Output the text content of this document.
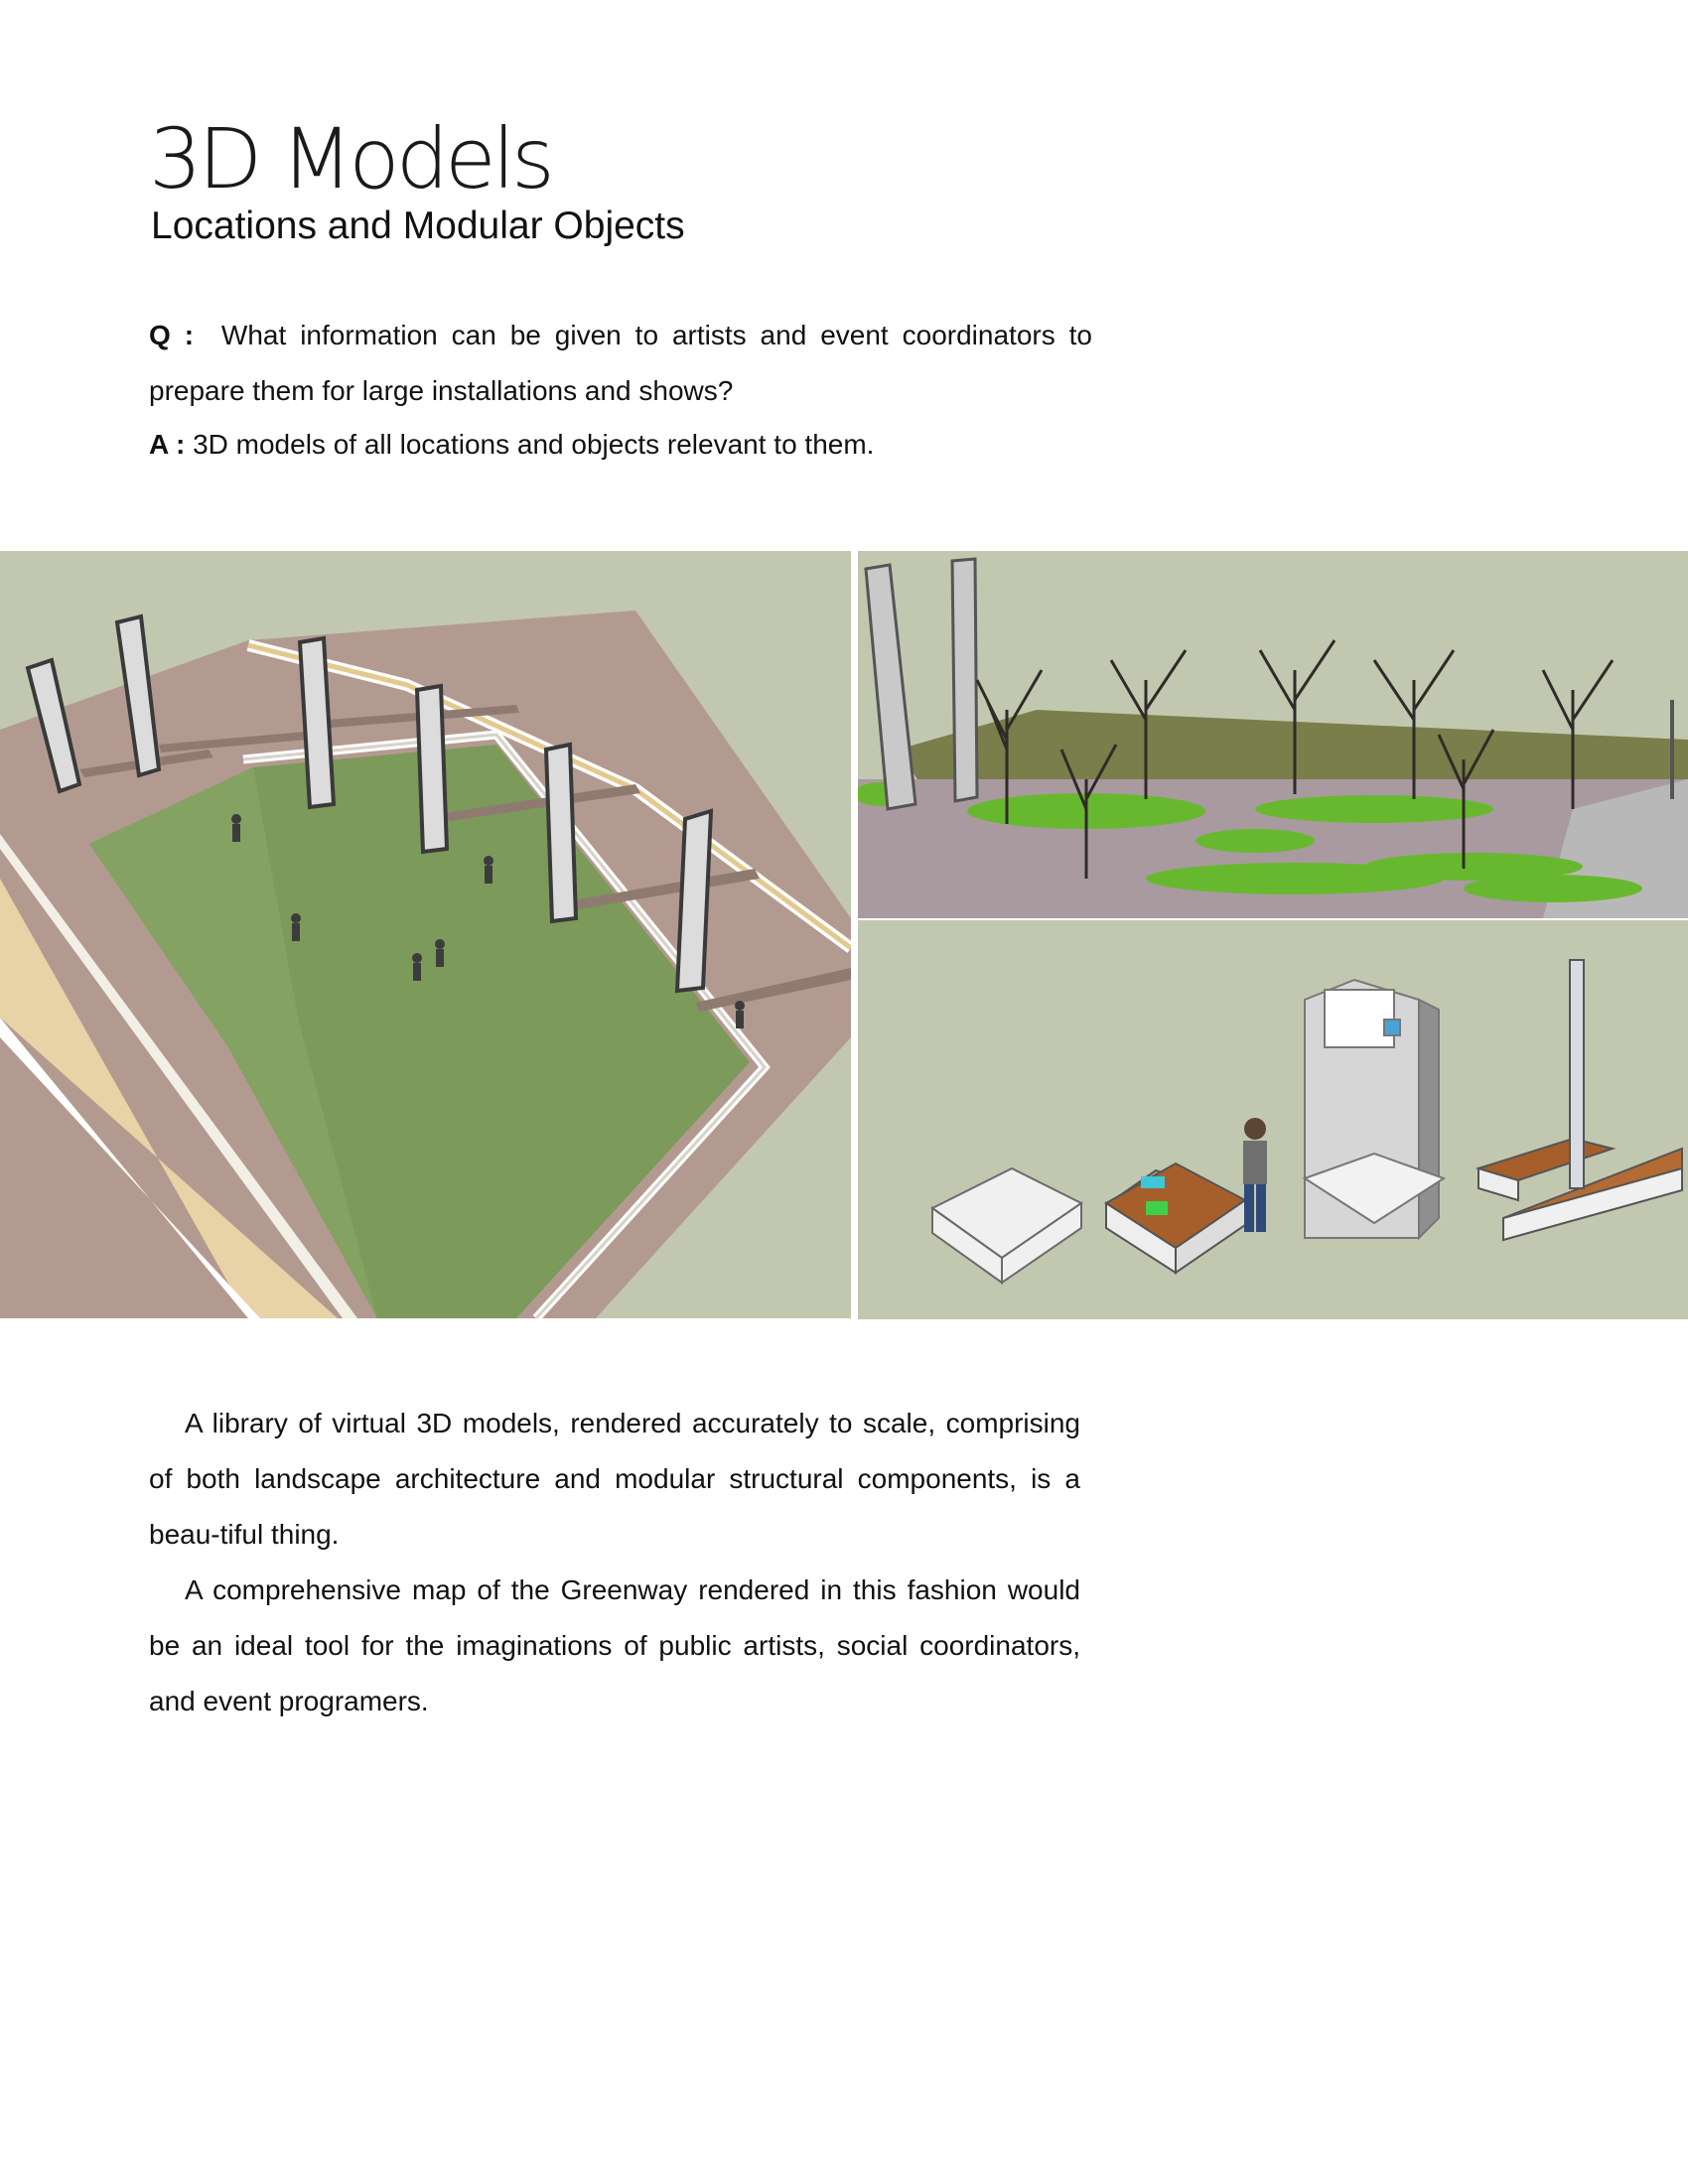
3D Models
Locations and Modular Objects

Q : What information can be given to artists and event coordinators to prepare them for large installations and shows?

A : 3D models of all locations and objects relevant to them.

A library of virtual 3D models, rendered accurately to scale, comprising of both landscape architecture and modular structural components, is a beau-tiful thing.

A comprehensive map of the Greenway rendered in this fashion would be an ideal tool for the imaginations of public artists, social coordinators, and event programers.
